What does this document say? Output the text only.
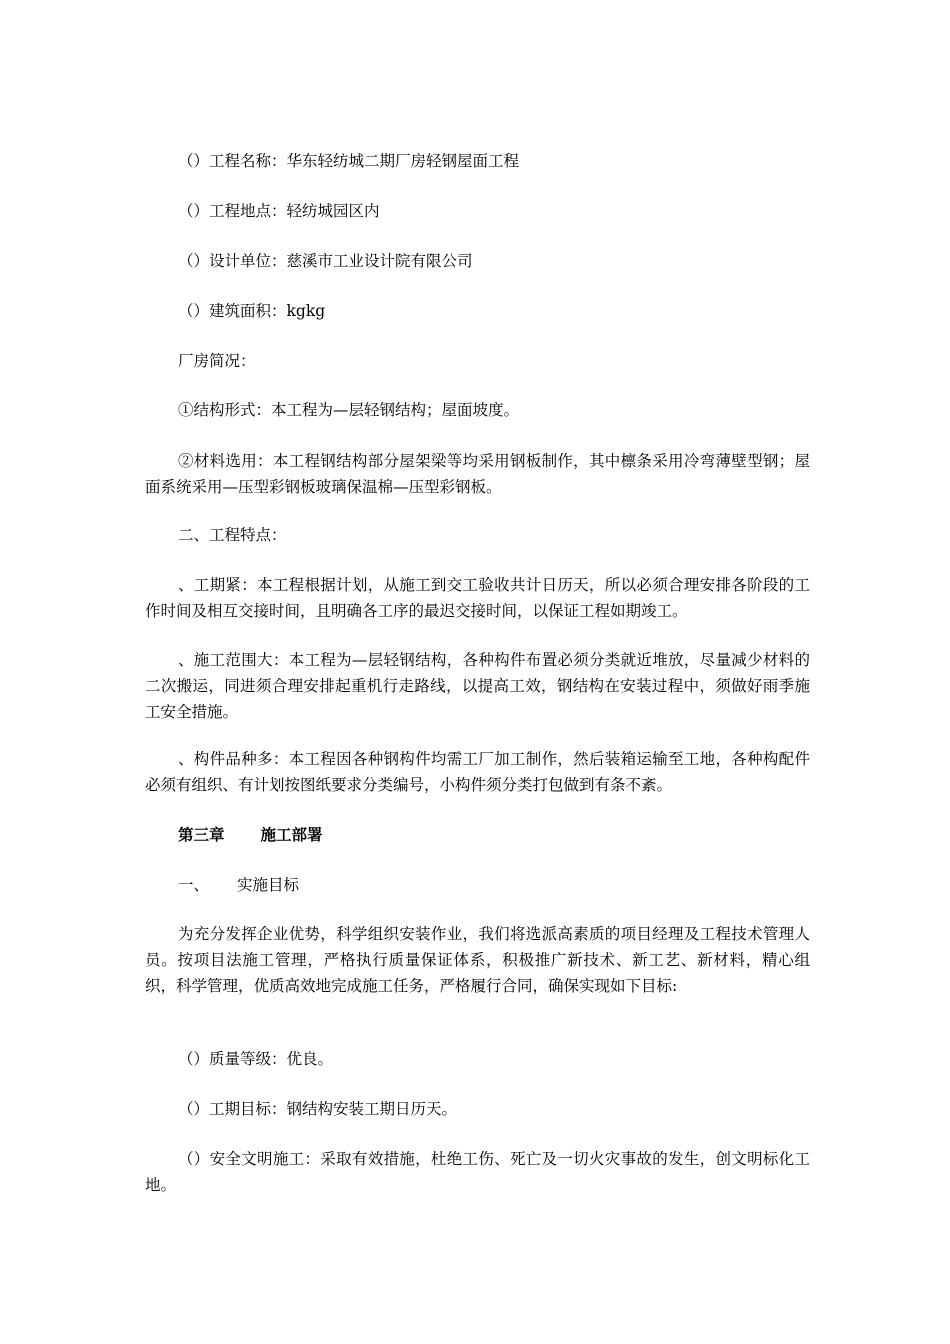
（）工程名称：华东轻纺城二期厂房轻钢屋面工程

（）工程地点：轻纺城园区内

（）设计单位：慈溪市工业设计院有限公司

（）建筑面积：kgkg

厂房简况：

①结构形式：本工程为—层轻钢结构；屋面坡度。

②材料选用：本工程钢结构部分屋架梁等均采用钢板制作，其中檩条采用冷弯薄壁型钢；屋面系统采用—压型彩钢板玻璃保温棉—压型彩钢板。

二、工程特点：

、工期紧：本工程根据计划，从施工到交工验收共计日历天，所以必须合理安排各阶段的工作时间及相互交接时间，且明确各工序的最迟交接时间，以保证工程如期竣工。

、施工范围大：本工程为—层轻钢结构，各种构件布置必须分类就近堆放，尽量减少材料的二次搬运，同进须合理安排起重机行走路线，以提高工效，钢结构在安装过程中，须做好雨季施工安全措施。

、构件品种多：本工程因各种钢构件均需工厂加工制作，然后装箱运输至工地，各种构配件必须有组织、有计划按图纸要求分类编号，小构件须分类打包做到有条不紊。

第三章 施工部署

一、 实施目标

为充分发挥企业优势，科学组织安装作业，我们将选派高素质的项目经理及工程技术管理人员。按项目法施工管理，严格执行质量保证体系，积极推广新技术、新工艺、新材料，精心组织，科学管理，优质高效地完成施工任务，严格履行合同，确保实现如下目标:

（）质量等级：优良。

（）工期目标：钢结构安装工期日历天。

（）安全文明施工：采取有效措施，杜绝工伤、死亡及一切火灾事故的发生，创文明标化工地。
